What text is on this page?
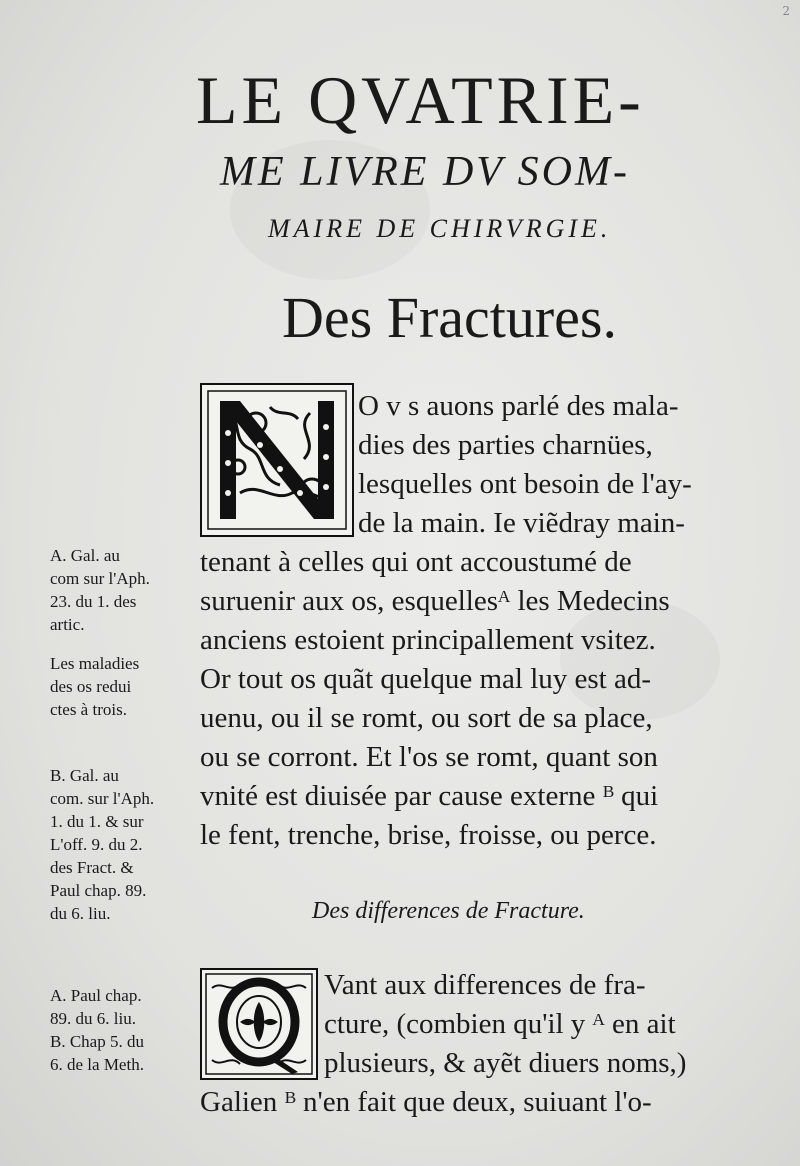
2
LE QVATRIE-
ME LIVRE DV SOM-
MAIRE DE CHIRVRGIE.
Des Fractures.
O v s auons parlé des mala-
dies des parties charnües,
lesquelles ont besoin de l'ay-
de la main. Ie viẽdray main-
tenant à celles qui ont accoustumé de
suruenir aux os, esquellesᴬ les Medecins
anciens estoient principallement vsitez.
Or tout os quãt quelque mal luy est ad-
uenu, ou il se romt, ou sort de sa place,
ou se corront. Et l'os se romt, quant son
vnité est diuisée par cause externe ᴮ qui
le fent, trenche, brise, froisse, ou perce.
Des differences de Fracture.
Vant aux differences de fra-
cture, (combien qu'il y ᴬ en ait
plusieurs, & ayẽt diuers noms,)
Galien ᴮ n'en fait que deux, suiuant l'o-
A. Gal. au
com sur l'Aph.
23. du 1. des
artic.
Les maladies
des os redui
ctes à trois.
B. Gal. au
com. sur l'Aph.
1. du 1. & sur
L'off. 9. du 2.
des Fract. &
Paul chap. 89.
du 6. liu.
A. Paul chap.
89. du 6. liu.
B. Chap 5. du
6. de la Meth.
